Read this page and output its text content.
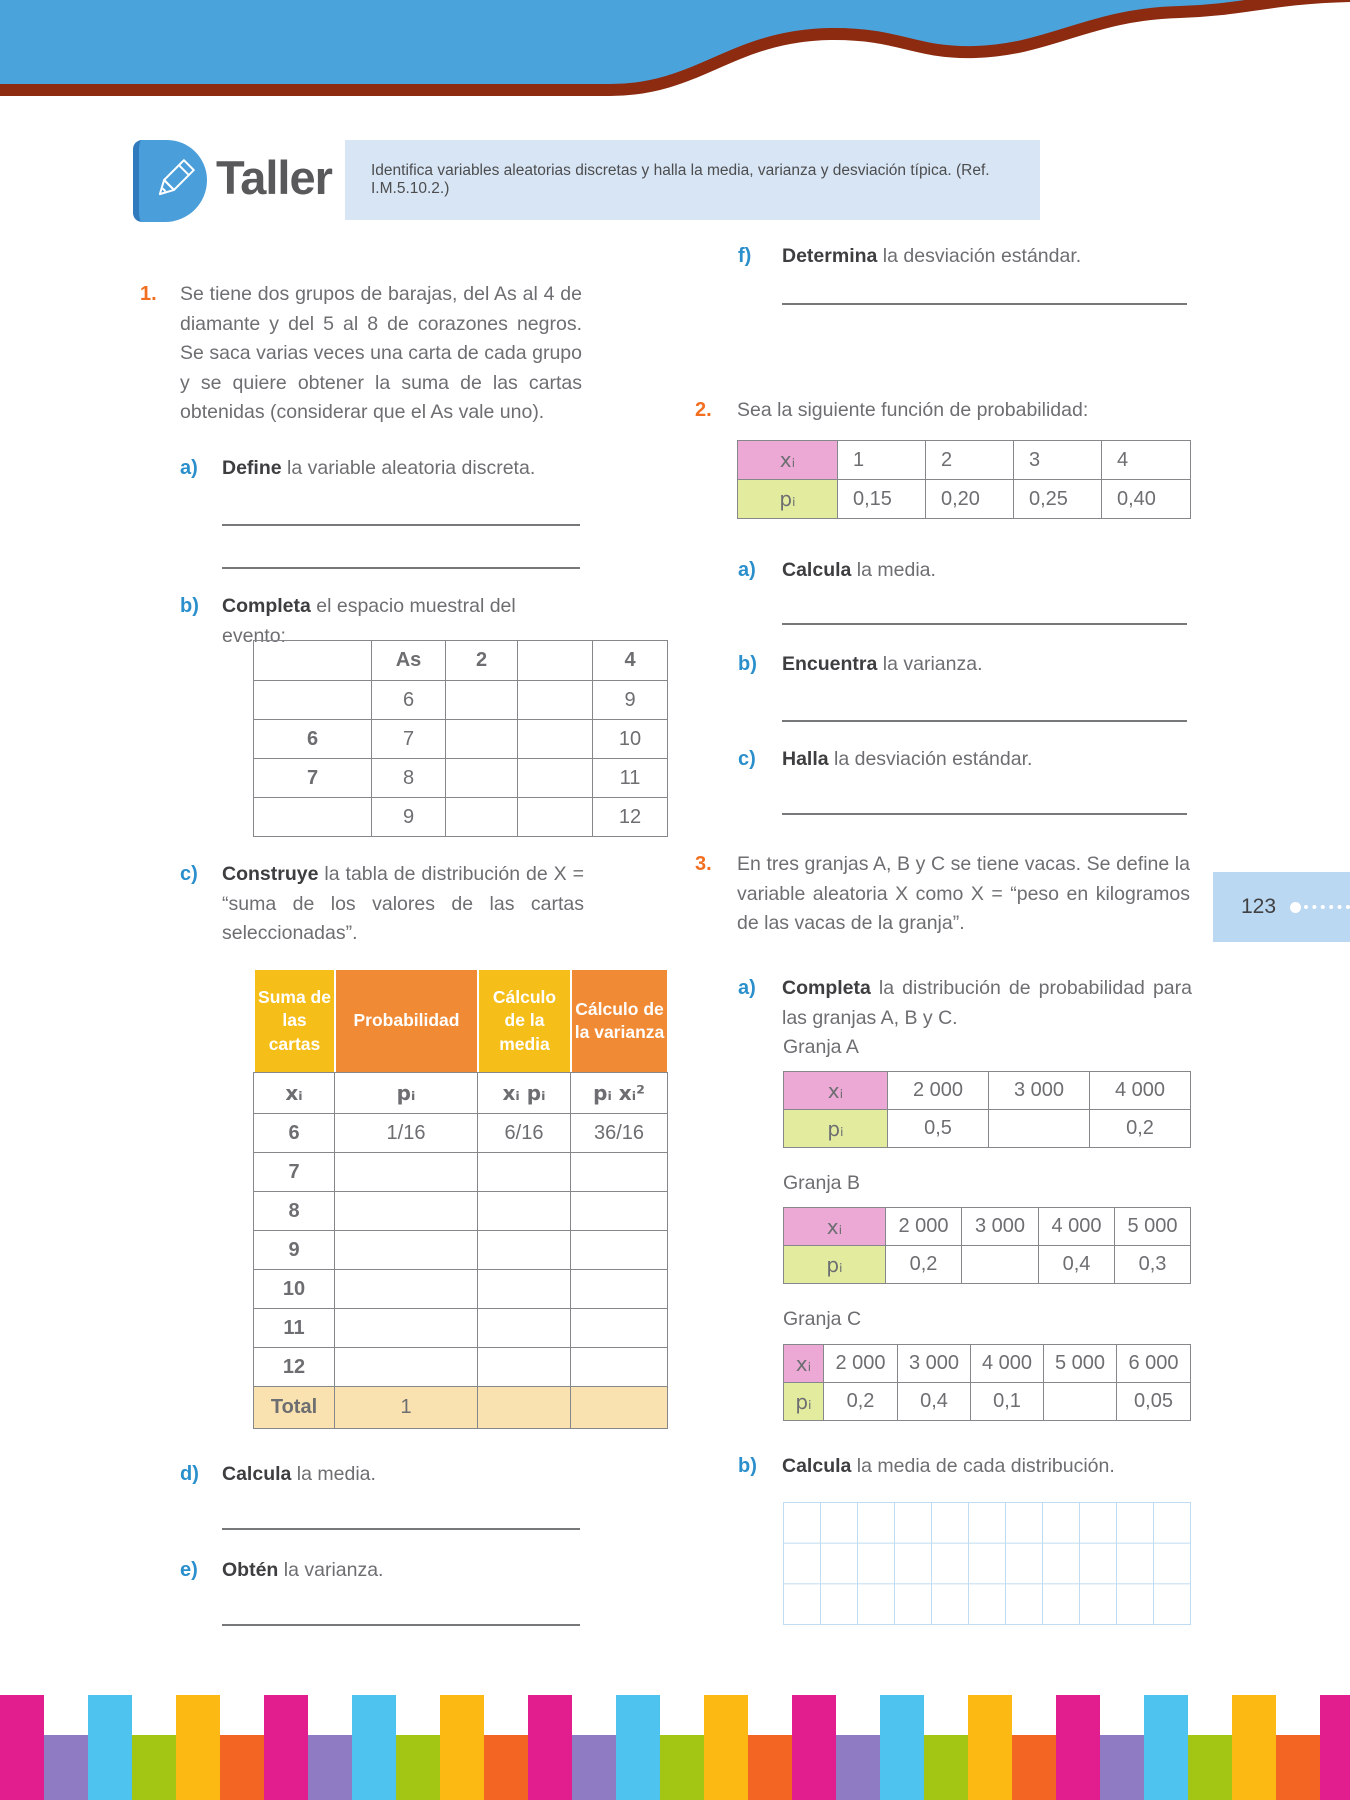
Taller	Identifica variables aleatorias discretas y halla la media, varianza y desviación típica. (Ref. I.M.5.10.2.)
1. Se tiene dos grupos de barajas, del As al 4 de diamante y del 5 al 8 de corazones negros. Se saca varias veces una carta de cada grupo y se quiere obtener la suma de las cartas obtenidas (considerar que el As vale uno).
a) Define la variable aleatoria discreta.
b) Completa el espacio muestral del evento:
	As	2		4
	6			9
6	7			10
7	8			11
	9			12
c) Construye la tabla de distribución de X = “suma de los valores de las cartas seleccionadas”.
Suma de las cartas	Probabilidad	Cálculo de la media	Cálculo de la varianza
xᵢ	pᵢ	xᵢ pᵢ	pᵢ xᵢ²
6	1/16	6/16	36/16
7			
8			
9			
10			
11			
12			
Total	1		
d) Calcula la media.
e) Obtén la varianza.
f) Determina la desviación estándar.
2. Sea la siguiente función de probabilidad:
xᵢ	1	2	3	4
pᵢ	0,15	0,20	0,25	0,40
a) Calcula la media.
b) Encuentra la varianza.
c) Halla la desviación estándar.
3. En tres granjas A, B y C se tiene vacas. Se define la variable aleatoria X como X = “peso en kilogramos de las vacas de la granja”.
a) Completa la distribución de probabilidad para las granjas A, B y C.
Granja A
xᵢ	2 000	3 000	4 000
pᵢ	0,5		0,2
Granja B
xᵢ	2 000	3 000	4 000	5 000
pᵢ	0,2		0,4	0,3
Granja C
xᵢ	2 000	3 000	4 000	5 000	6 000
pᵢ	0,2	0,4	0,1		0,05
b) Calcula la media de cada distribución.
123
